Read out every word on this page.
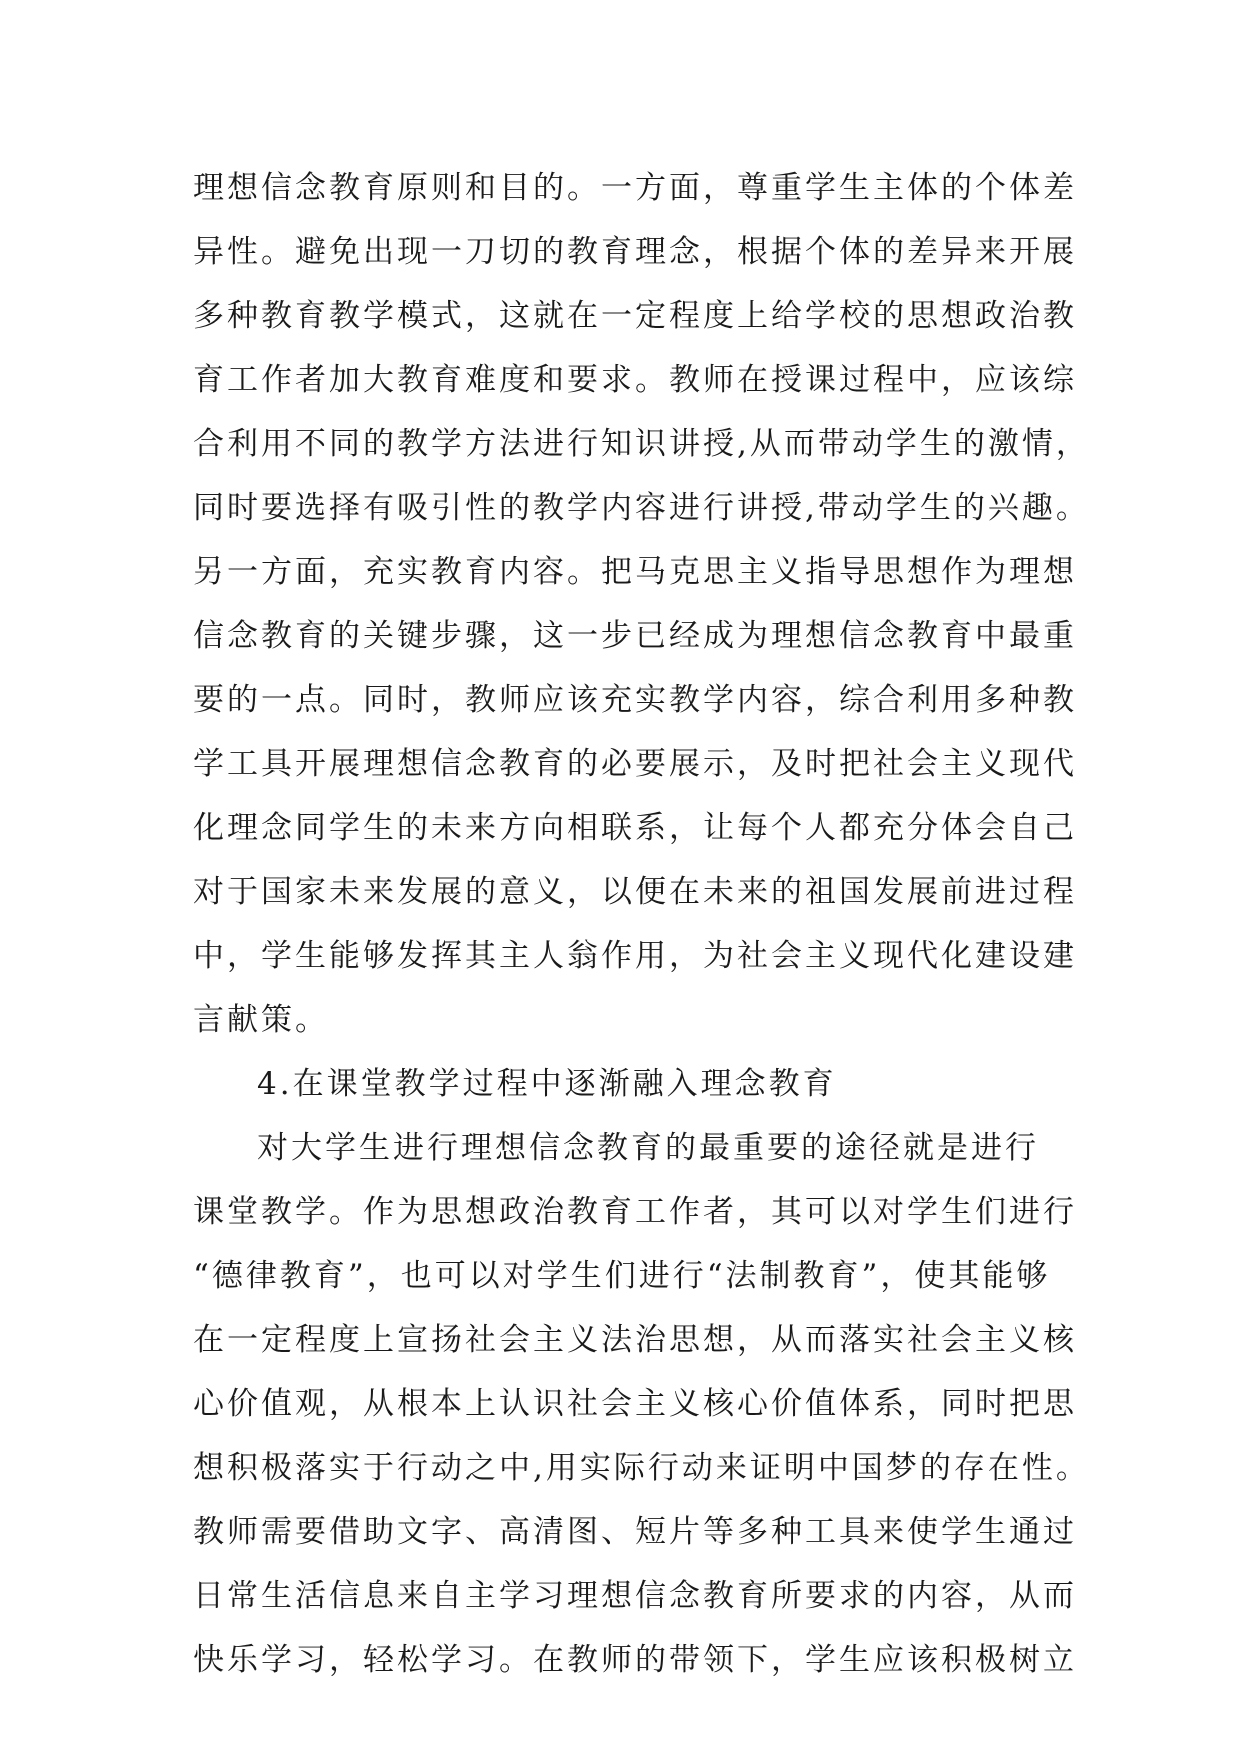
理想信念教育原则和目的。一方面，尊重学生主体的个体差
异性。避免出现一刀切的教育理念，根据个体的差异来开展
多种教育教学模式，这就在一定程度上给学校的思想政治教
育工作者加大教育难度和要求。教师在授课过程中，应该综
合利用不同的教学方法进行知识讲授,从而带动学生的激情，
同时要选择有吸引性的教学内容进行讲授,带动学生的兴趣。
另一方面，充实教育内容。把马克思主义指导思想作为理想
信念教育的关键步骤，这一步已经成为理想信念教育中最重
要的一点。同时，教师应该充实教学内容，综合利用多种教
学工具开展理想信念教育的必要展示，及时把社会主义现代
化理念同学生的未来方向相联系，让每个人都充分体会自己
对于国家未来发展的意义，以便在未来的祖国发展前进过程
中，学生能够发挥其主人翁作用，为社会主义现代化建设建
言献策。
4.在课堂教学过程中逐渐融入理念教育
对大学生进行理想信念教育的最重要的途径就是进行
课堂教学。作为思想政治教育工作者，其可以对学生们进行
“德律教育”，也可以对学生们进行“法制教育”，使其能够
在一定程度上宣扬社会主义法治思想，从而落实社会主义核
心价值观，从根本上认识社会主义核心价值体系，同时把思
想积极落实于行动之中,用实际行动来证明中国梦的存在性。
教师需要借助文字、高清图、短片等多种工具来使学生通过
日常生活信息来自主学习理想信念教育所要求的内容，从而
快乐学习，轻松学习。在教师的带领下，学生应该积极树立
